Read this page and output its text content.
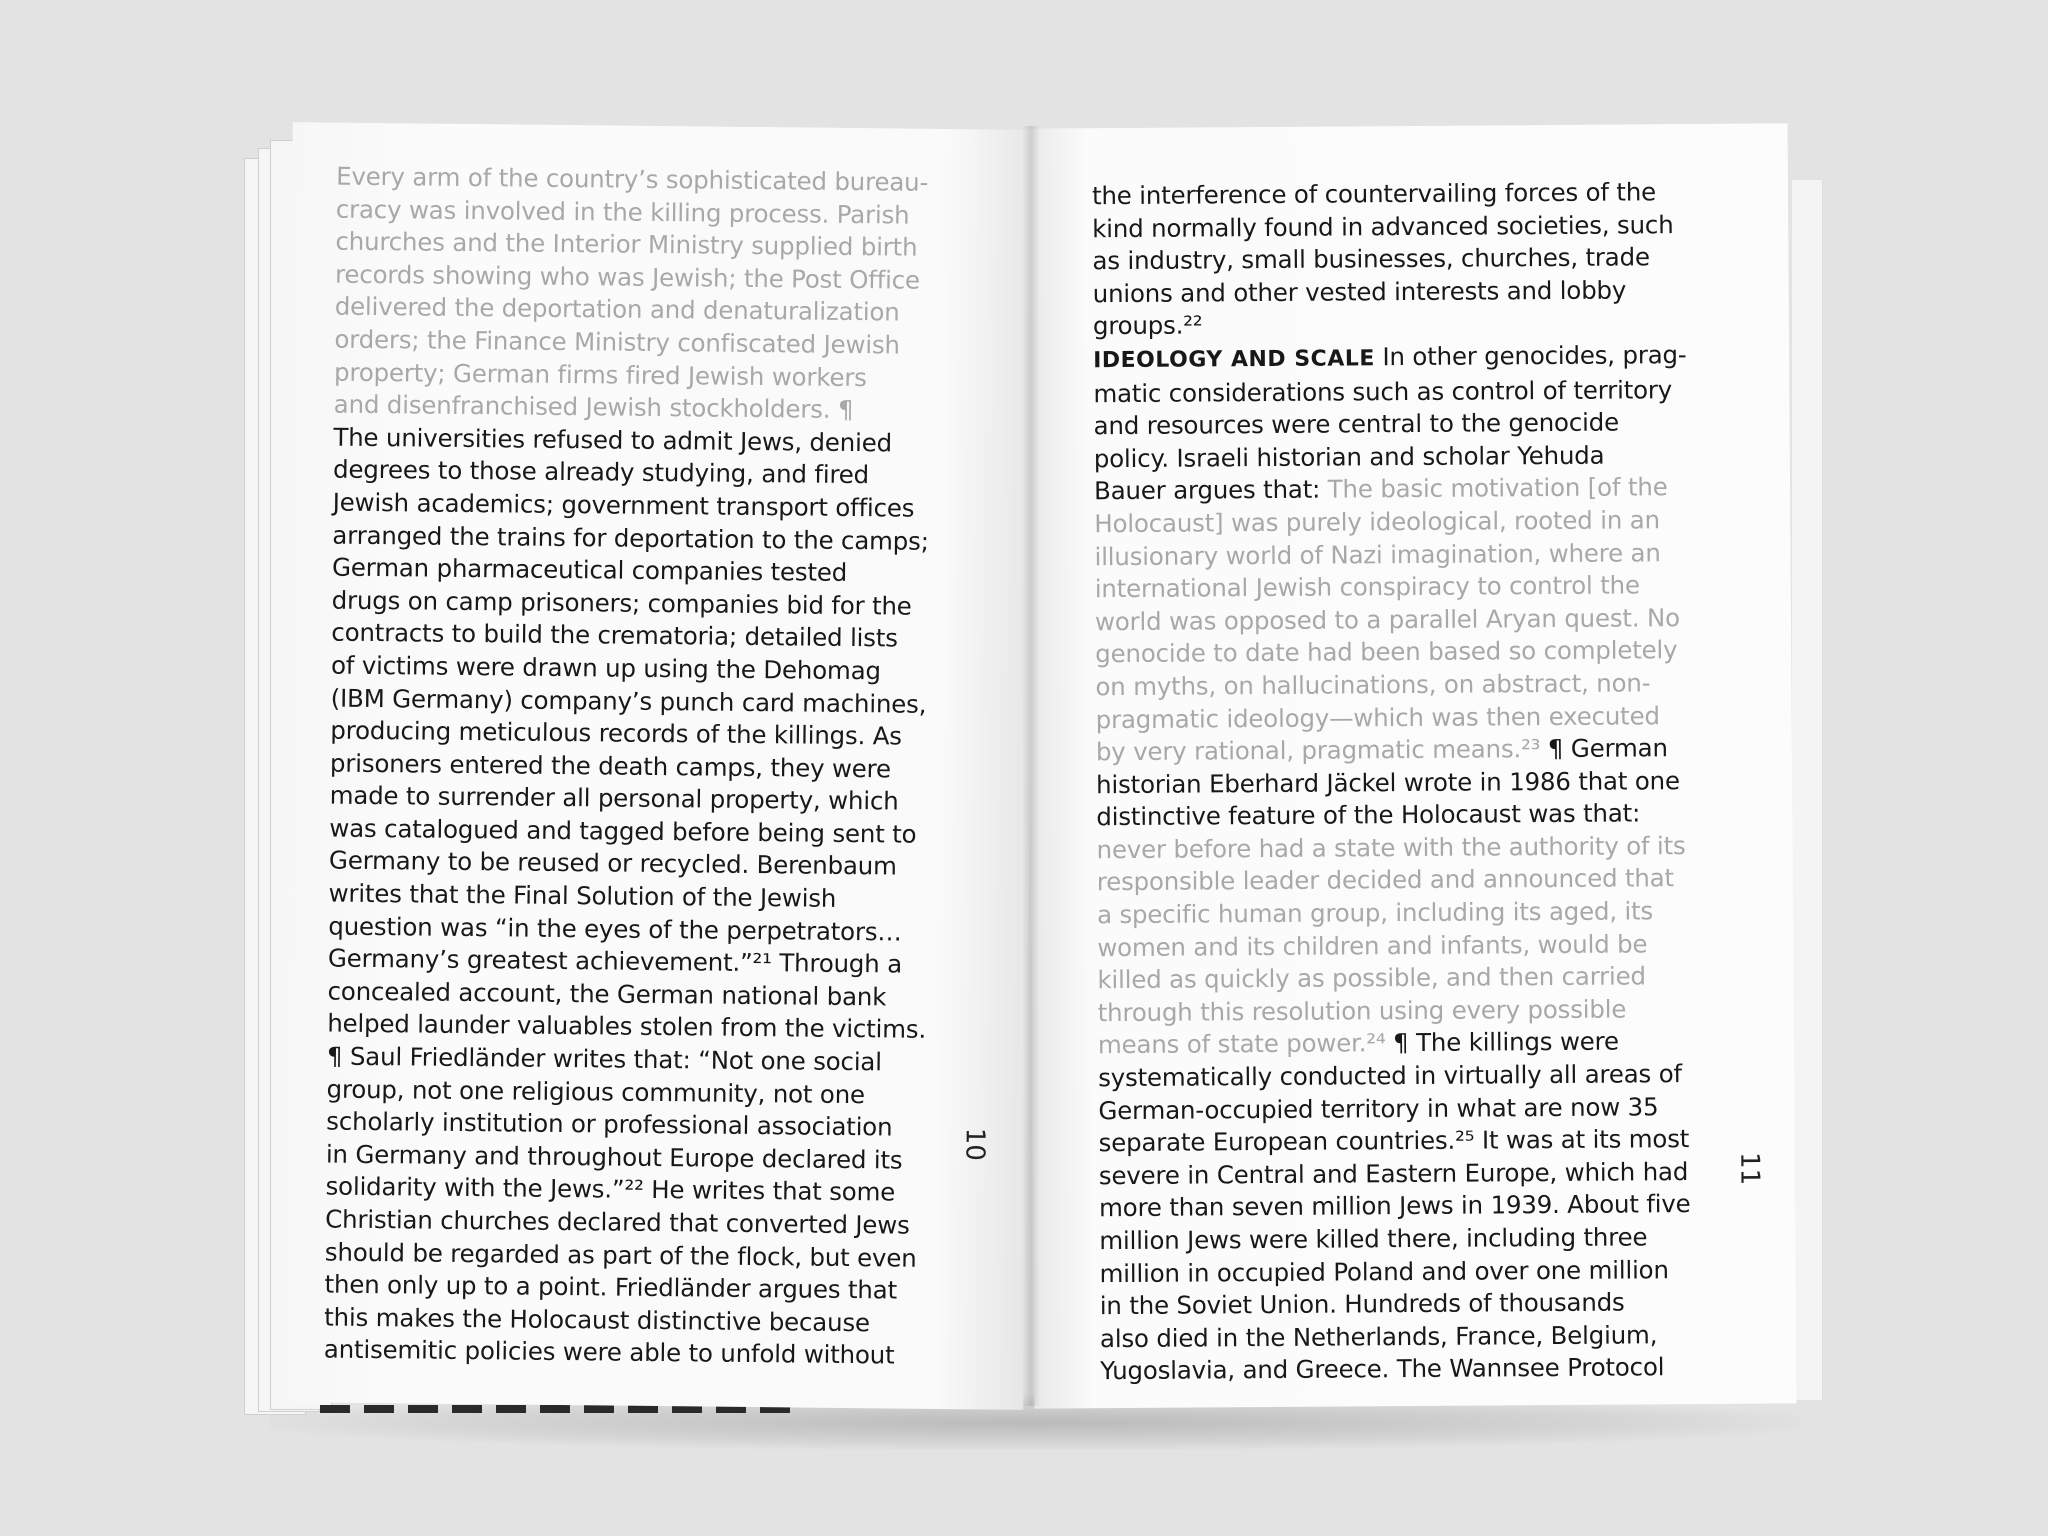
Every arm of the country’s sophisticated bureau-
cracy was involved in the killing process. Parish
churches and the Interior Ministry supplied birth
records showing who was Jewish; the Post Office
delivered the deportation and denaturalization
orders; the Finance Ministry confiscated Jewish
property; German firms fired Jewish workers
and disenfranchised Jewish stockholders. ¶
The universities refused to admit Jews, denied
degrees to those already studying, and fired
Jewish academics; government transport offices
arranged the trains for deportation to the camps;
German pharmaceutical companies tested
drugs on camp prisoners; companies bid for the
contracts to build the crematoria; detailed lists
of victims were drawn up using the Dehomag
(IBM Germany) company’s punch card machines,
producing meticulous records of the killings. As
prisoners entered the death camps, they were
made to surrender all personal property, which
was catalogued and tagged before being sent to
Germany to be reused or recycled. Berenbaum
writes that the Final Solution of the Jewish
question was “in the eyes of the perpetrators…
Germany’s greatest achievement.”²¹ Through a
concealed account, the German national bank
helped launder valuables stolen from the victims.
¶ Saul Friedländer writes that: “Not one social
group, not one religious community, not one
scholarly institution or professional association
in Germany and throughout Europe declared its
solidarity with the Jews.”²² He writes that some
Christian churches declared that converted Jews
should be regarded as part of the flock, but even
then only up to a point. Friedländer argues that
this makes the Holocaust distinctive because
antisemitic policies were able to unfold without
10
the interference of countervailing forces of the
kind normally found in advanced societies, such
as industry, small businesses, churches, trade
unions and other vested interests and lobby
groups.²²
IDEOLOGY AND SCALE In other genocides, prag-
matic considerations such as control of territory
and resources were central to the genocide
policy. Israeli historian and scholar Yehuda
Bauer argues that: The basic motivation [of the
Holocaust] was purely ideological, rooted in an
illusionary world of Nazi imagination, where an
international Jewish conspiracy to control the
world was opposed to a parallel Aryan quest. No
genocide to date had been based so completely
on myths, on hallucinations, on abstract, non-
pragmatic ideology—which was then executed
by very rational, pragmatic means.²³ ¶ German
historian Eberhard Jäckel wrote in 1986 that one
distinctive feature of the Holocaust was that:
never before had a state with the authority of its
responsible leader decided and announced that
a specific human group, including its aged, its
women and its children and infants, would be
killed as quickly as possible, and then carried
through this resolution using every possible
means of state power.²⁴ ¶ The killings were
systematically conducted in virtually all areas of
German-occupied territory in what are now 35
separate European countries.²⁵ It was at its most
severe in Central and Eastern Europe, which had
more than seven million Jews in 1939. About five
million Jews were killed there, including three
million in occupied Poland and over one million
in the Soviet Union. Hundreds of thousands
also died in the Netherlands, France, Belgium,
Yugoslavia, and Greece. The Wannsee Protocol
11
